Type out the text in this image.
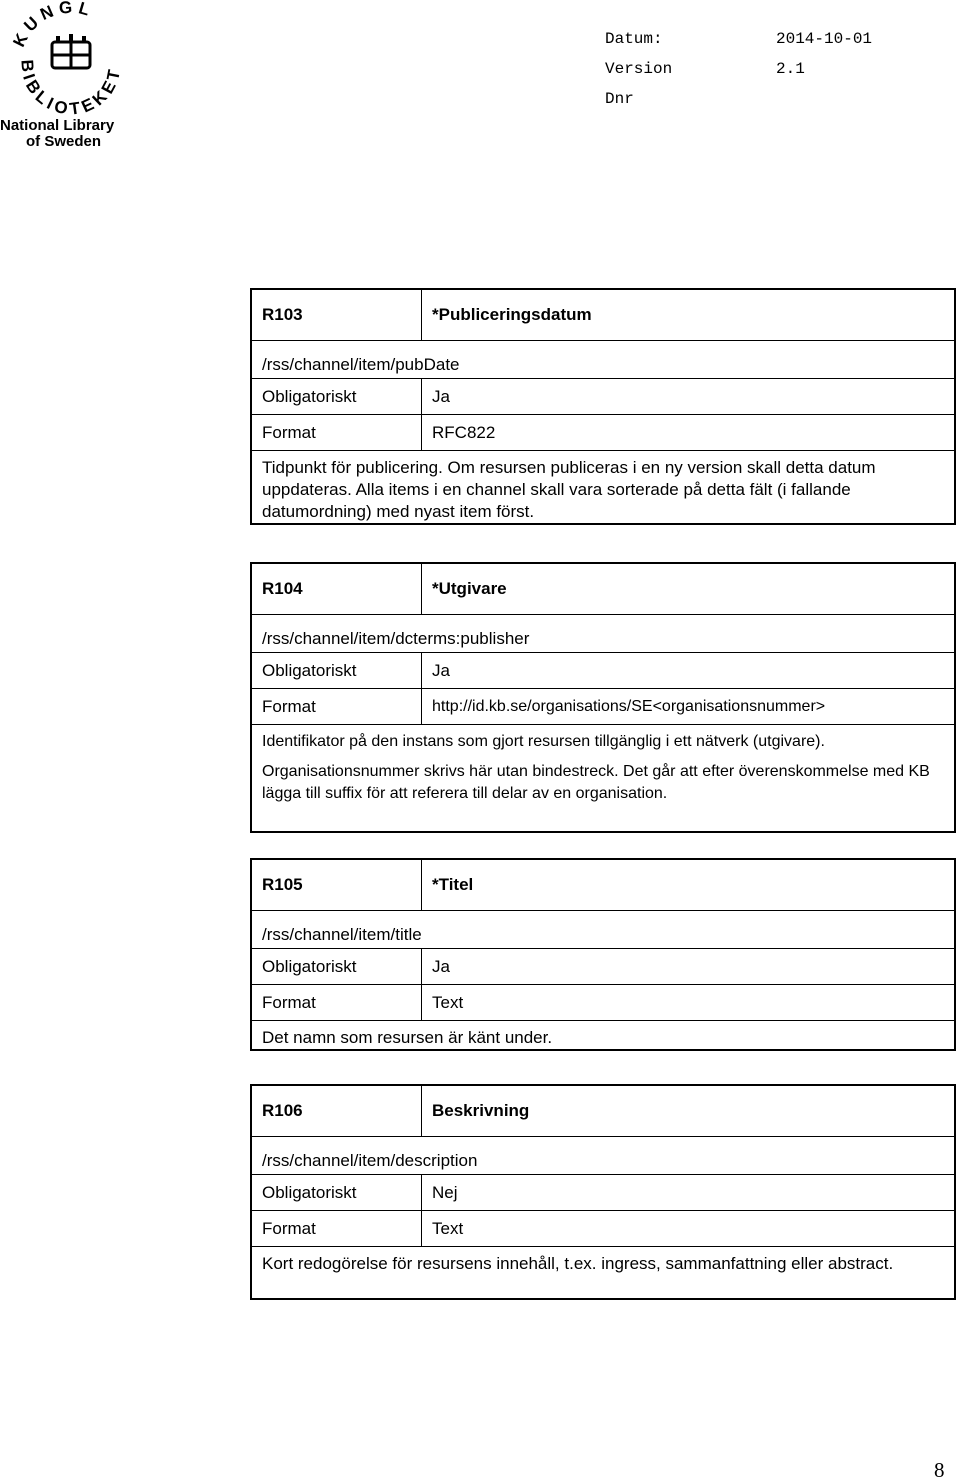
KUNGL
BIBLIOTEKET
National Library
of Sweden
Datum:	2014-10-01
Version	2.1
Dnr
R103	*Publiceringsdatum
/rss/channel/item/pubDate
Obligatoriskt	Ja
Format	RFC822

Tidpunkt för publicering. Om resursen publiceras i en ny version skall detta datum uppdateras. Alla items i en channel skall vara sorterade på detta fält (i fallande datumordning) med nyast item först.

R104	*Utgivare
/rss/channel/item/dcterms:publisher
Obligatoriskt	Ja
Format	http://id.kb.se/organisations/SE<organisationsnummer>

Identifikator på den instans som gjort resursen tillgänglig i ett nätverk (utgivare).

Organisationsnummer skrivs här utan bindestreck. Det går att efter överenskommelse med KB lägga till suffix för att referera till delar av en organisation.

R105	*Titel
/rss/channel/item/title
Obligatoriskt	Ja
Format	Text

Det namn som resursen är känt under.

R106	Beskrivning
/rss/channel/item/description
Obligatoriskt	Nej
Format	Text

Kort redogörelse för resursens innehåll, t.ex. ingress, sammanfattning eller abstract.

8
